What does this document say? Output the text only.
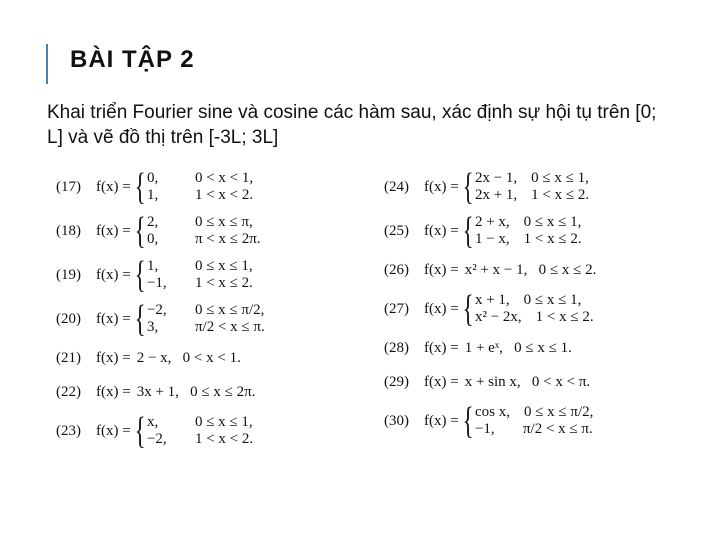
BÀI TẬP 2
Khai triển Fourier sine và cosine các hàm sau, xác định sự hội tụ trên [0; L] và vẽ đồ thị trên [-3L; 3L]
(17)	f(x) = { 0,	0 < x < 1,
1,	1 < x < 2.
(18)	f(x) = { 2,	0 ≤ x ≤ π,
0,	π < x ≤ 2π.
(19)	f(x) = { 1,	0 ≤ x ≤ 1,
−1,	1 < x ≤ 2.
(20)	f(x) = { −2,	0 ≤ x ≤ π/2,
3,	π/2 < x ≤ π.
(21)	f(x) = 2 − x,   0 < x < 1.
(22)	f(x) = 3x + 1,   0 ≤ x ≤ 2π.
(23)	f(x) = { x,	0 ≤ x ≤ 1,
−2,	1 < x < 2.
(24)	f(x) = { 2x − 1, 0 ≤ x ≤ 1,
2x + 1, 1 < x ≤ 2.
(25)	f(x) = { 2 + x, 0 ≤ x ≤ 1,
1 − x, 1 < x ≤ 2.
(26)	f(x) = x² + x − 1,   0 ≤ x ≤ 2.
(27)	f(x) = { x + 1, 0 ≤ x ≤ 1,
x² − 2x, 1 < x ≤ 2.
(28)	f(x) = 1 + eˣ,   0 ≤ x ≤ 1.
(29)	f(x) = x + sin x,   0 < x < π.
(30)	f(x) = { cos x, 0 ≤ x ≤ π/2,
−1,	π/2 < x ≤ π.
